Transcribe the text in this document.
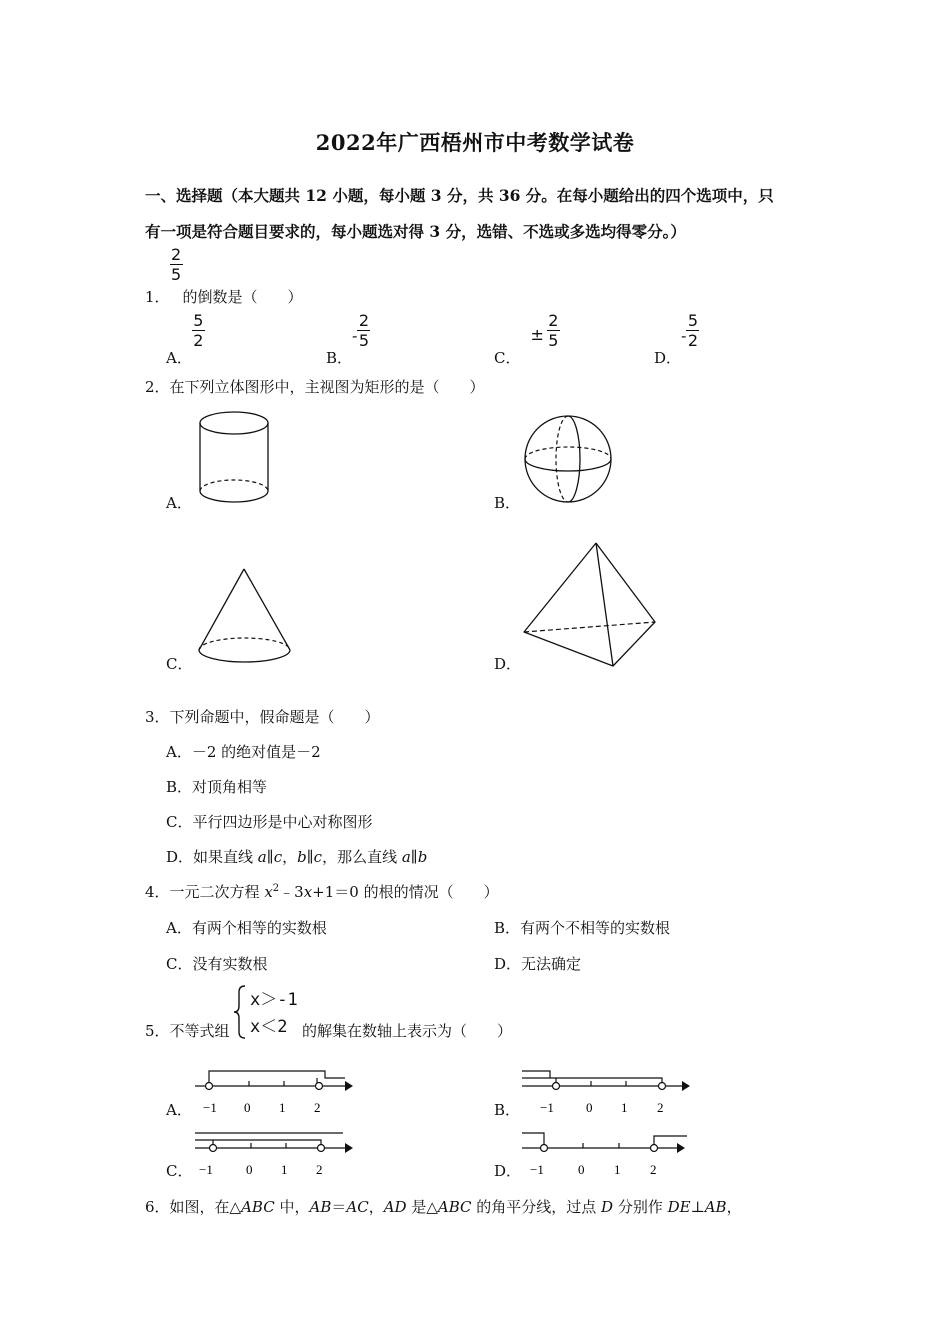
2022年广西梧州市中考数学试卷
一、选择题（本大题共 12 小题，每小题 3 分，共 36 分。在每小题给出的四个选项中，只
有一项是符合题目要求的，每小题选对得 3 分，选错、不选或多选均得零分。）
1．
$\frac{2}{5}$
的倒数是（　　）
A．
$\frac{5}{2}$
B．- $\frac{2}{5}$
C．± $\frac{2}{5}$
D．- $\frac{5}{2}$
2．在下列立体图形中，主视图为矩形的是（　　）
A．	B．
C．	D．
3．下列命题中，假命题是（　　）
A．－2 的绝对值是－2
B．对顶角相等
C．平行四边形是中心对称图形
D．如果直线 a∥c，b∥c，那么直线 a∥b
4．一元二次方程 $x^2﹣3x+1=0$ 的根的情况（　　）
A．有两个相等的实数根	B．有两个不相等的实数根
C．没有实数根	D．无法确定
5．不等式组
x＞-1
x＜2 的解集在数轴上表示为（　　）
A． −1 0 1 2	B． −1 0 1 2
C． −1	0 1 2	D． −1	0 1 2
6．如图，在△ABC 中，AB＝AC，AD 是△ABC 的角平分线，过点 D 分别作 DE⊥AB，
